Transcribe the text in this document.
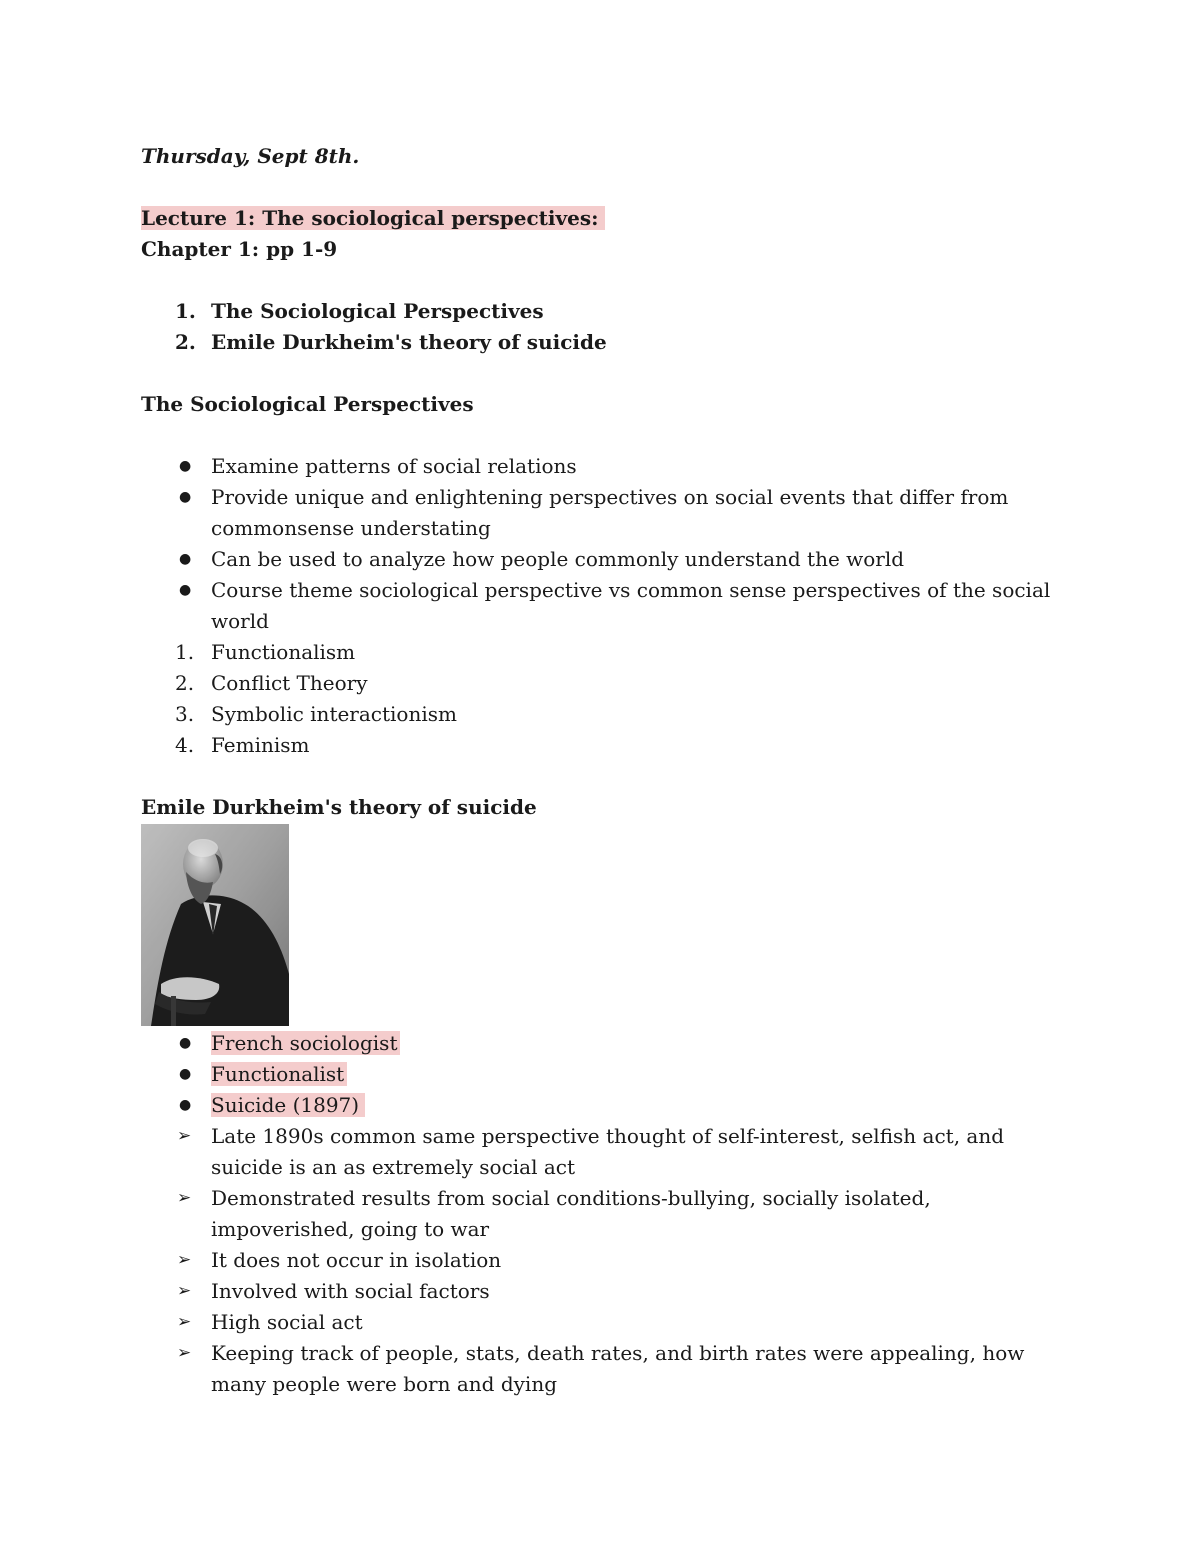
Thursday, Sept 8th.
Lecture 1: The sociological perspectives:
Chapter 1: pp 1-9
1. The Sociological Perspectives
2. Emile Durkheim's theory of suicide
The Sociological Perspectives
● Examine patterns of social relations
● Provide unique and enlightening perspectives on social events that differ from commonsense understating
● Can be used to analyze how people commonly understand the world
● Course theme sociological perspective vs common sense perspectives of the social world
1. Functionalism
2. Conflict Theory
3. Symbolic interactionism
4. Feminism
Emile Durkheim's theory of suicide
● French sociologist
● Functionalist
● Suicide (1897)
➢ Late 1890s common same perspective thought of self-interest, selfish act, and suicide is an as extremely social act
➢ Demonstrated results from social conditions-bullying, socially isolated, impoverished, going to war
➢ It does not occur in isolation
➢ Involved with social factors
➢ High social act
➢ Keeping track of people, stats, death rates, and birth rates were appealing, how many people were born and dying
